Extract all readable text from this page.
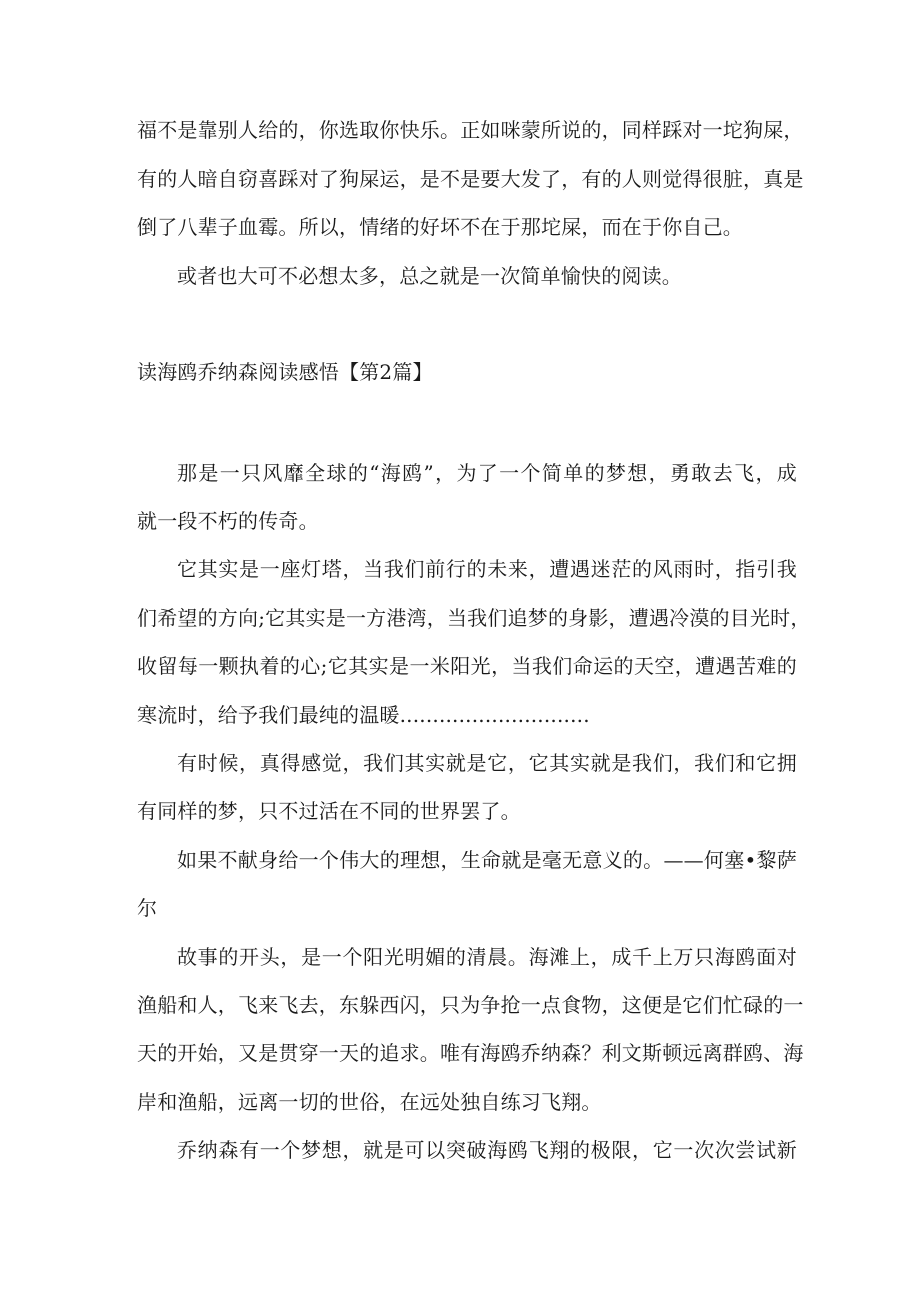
福不是靠别人给的，你选取你快乐。正如咪蒙所说的，同样踩对一坨狗屎，
有的人暗自窃喜踩对了狗屎运，是不是要大发了，有的人则觉得很脏，真是
倒了八辈子血霉。所以，情绪的好坏不在于那坨屎，而在于你自己。
或者也大可不必想太多，总之就是一次简单愉快的阅读。
读海鸥乔纳森阅读感悟【第2篇】
那是一只风靡全球的“海鸥”，为了一个简单的梦想，勇敢去飞，成
就一段不朽的传奇。
它其实是一座灯塔，当我们前行的未来，遭遇迷茫的风雨时，指引我
们希望的方向;它其实是一方港湾，当我们追梦的身影，遭遇冷漠的目光时，
收留每一颗执着的心;它其实是一米阳光，当我们命运的天空，遭遇苦难的
寒流时，给予我们最纯的温暖.............................
有时候，真得感觉，我们其实就是它，它其实就是我们，我们和它拥
有同样的梦，只不过活在不同的世界罢了。
如果不献身给一个伟大的理想，生命就是毫无意义的。——何塞•黎萨
尔
故事的开头，是一个阳光明媚的清晨。海滩上，成千上万只海鸥面对
渔船和人，飞来飞去，东躲西闪，只为争抢一点食物，这便是它们忙碌的一
天的开始，又是贯穿一天的追求。唯有海鸥乔纳森？利文斯顿远离群鸥、海
岸和渔船，远离一切的世俗，在远处独自练习飞翔。
乔纳森有一个梦想，就是可以突破海鸥飞翔的极限，它一次次尝试新
